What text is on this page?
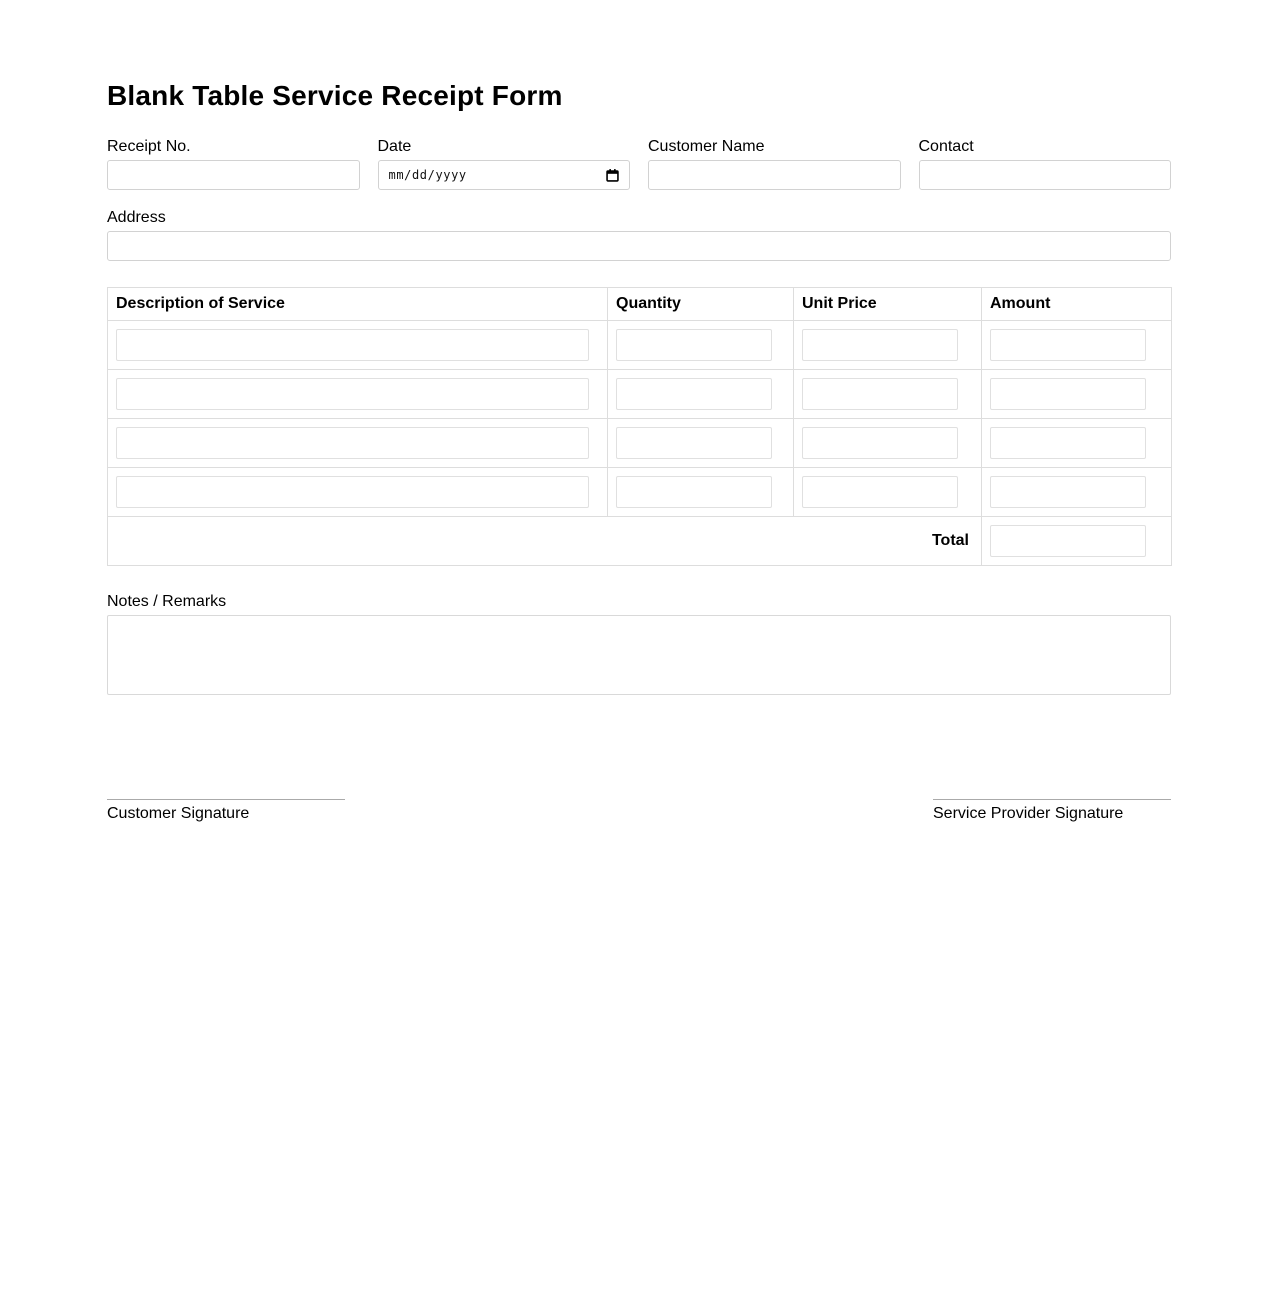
Blank Table Service Receipt Form
Receipt No.	Date
mm/dd/yyyy
Customer Name	Contact
Address
Description of Service	Quantity	Unit Price	Amount

Total	
Notes / Remarks
Customer Signature	Service Provider Signature
